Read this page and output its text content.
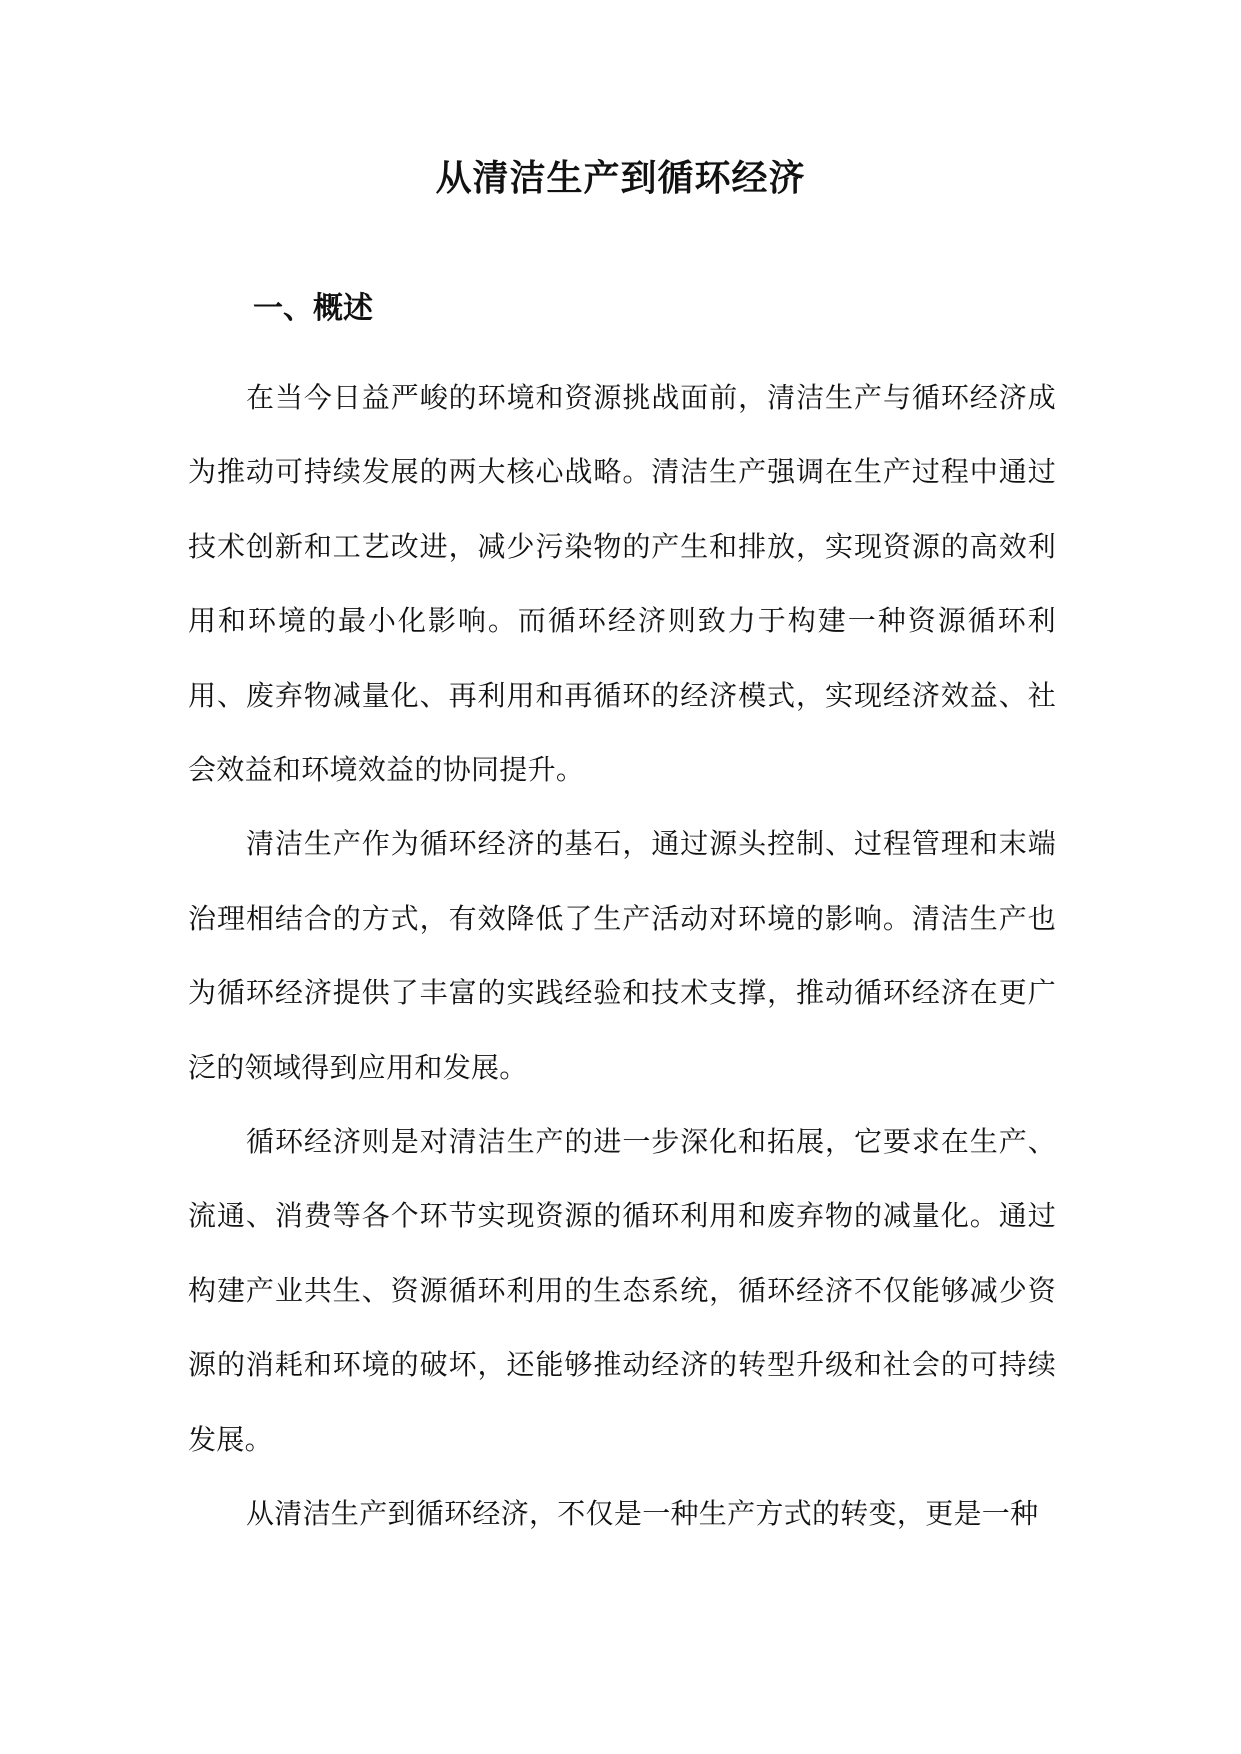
从清洁生产到循环经济
一、概述

在当今日益严峻的环境和资源挑战面前，清洁生产与循环经济成为推动可持续发展的两大核心战略。清洁生产强调在生产过程中通过技术创新和工艺改进，减少污染物的产生和排放，实现资源的高效利用和环境的最小化影响。而循环经济则致力于构建一种资源循环利用、废弃物减量化、再利用和再循环的经济模式，实现经济效益、社会效益和环境效益的协同提升。

清洁生产作为循环经济的基石，通过源头控制、过程管理和末端治理相结合的方式，有效降低了生产活动对环境的影响。清洁生产也为循环经济提供了丰富的实践经验和技术支撑，推动循环经济在更广泛的领域得到应用和发展。

循环经济则是对清洁生产的进一步深化和拓展，它要求在生产、流通、消费等各个环节实现资源的循环利用和废弃物的减量化。通过构建产业共生、资源循环利用的生态系统，循环经济不仅能够减少资源的消耗和环境的破坏，还能够推动经济的转型升级和社会的可持续发展。

从清洁生产到循环经济，不仅是一种生产方式的转变，更是一种
